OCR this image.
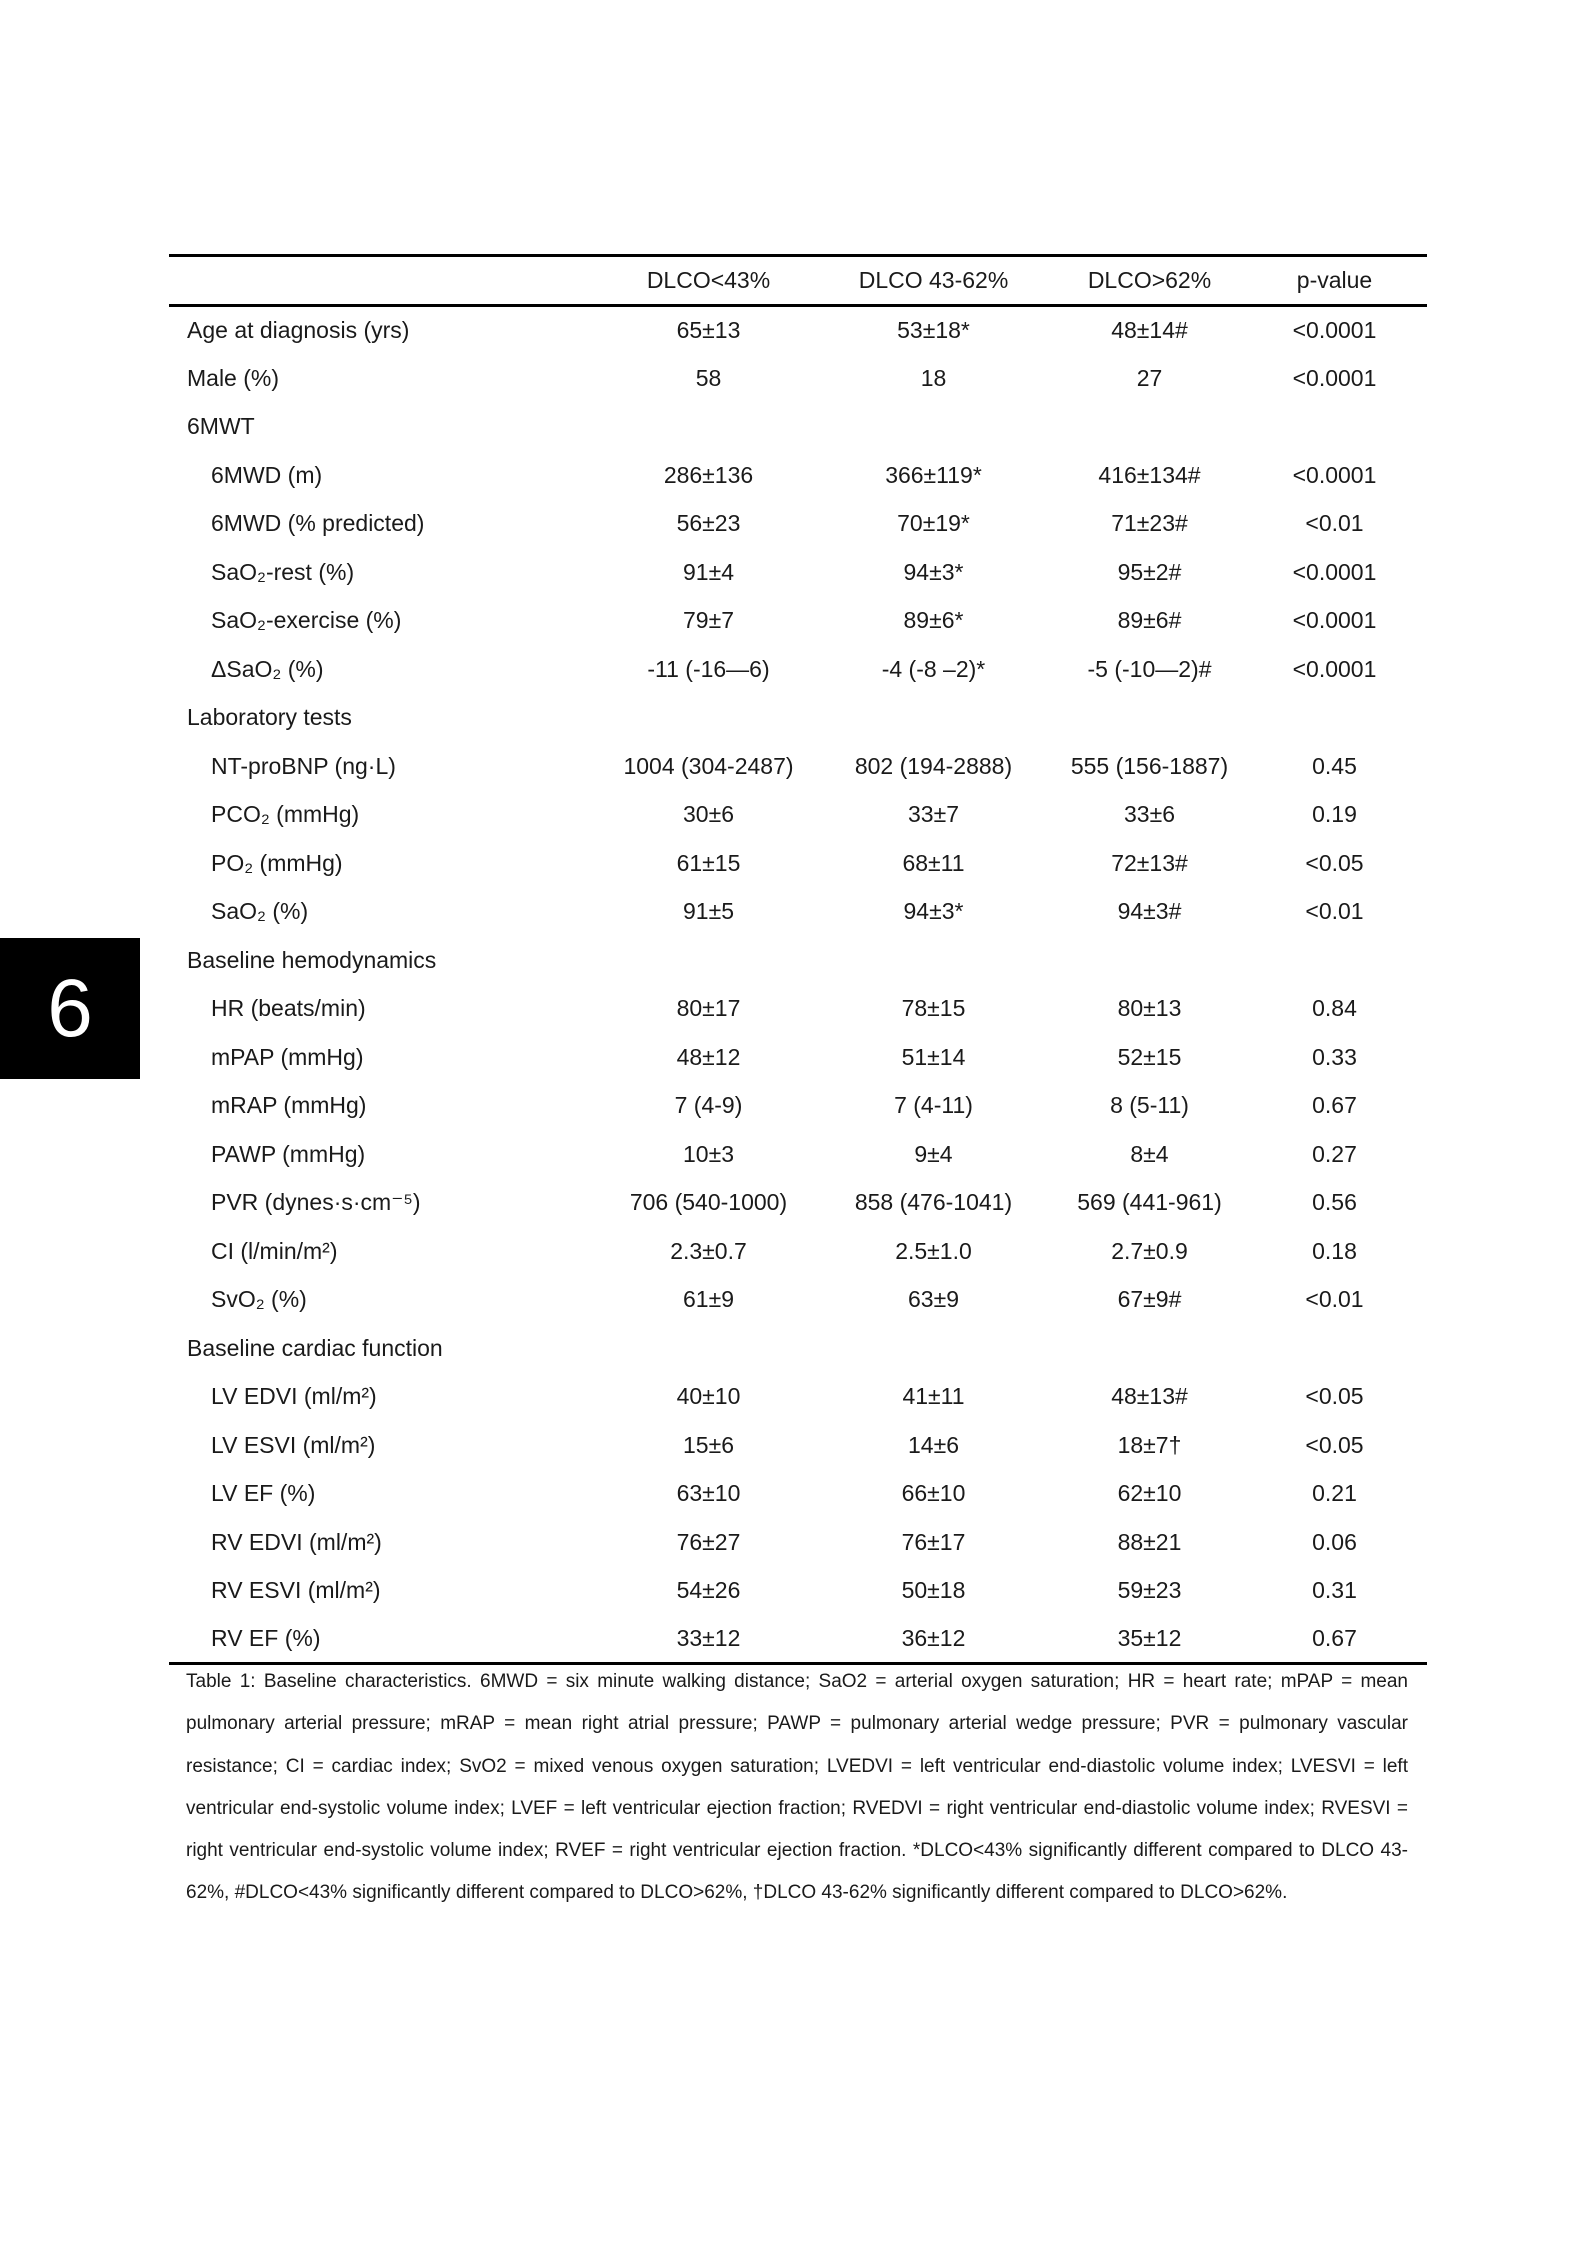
6
	DLCO<43%	DLCO 43-62%	DLCO>62%	p-value
Age at diagnosis (yrs)	65±13	53±18*	48±14#	<0.0001
Male (%)	58	18	27	<0.0001
6MWT				
6MWD (m)	286±136	366±119*	416±134#	<0.0001
6MWD (% predicted)	56±23	70±19*	71±23#	<0.01
SaO₂-rest (%)	91±4	94±3*	95±2#	<0.0001
SaO₂-exercise (%)	79±7	89±6*	89±6#	<0.0001
ΔSaO₂ (%)	-11 (-16—6)	-4 (-8 –2)*	-5 (-10—2)#	<0.0001
Laboratory tests				
NT-proBNP (ng·L)	1004 (304-2487)	802 (194-2888)	555 (156-1887)	0.45
PCO₂ (mmHg)	30±6	33±7	33±6	0.19
PO₂ (mmHg)	61±15	68±11	72±13#	<0.05
SaO₂ (%)	91±5	94±3*	94±3#	<0.01
Baseline hemodynamics				
HR (beats/min)	80±17	78±15	80±13	0.84
mPAP (mmHg)	48±12	51±14	52±15	0.33
mRAP (mmHg)	7 (4-9)	7 (4-11)	8 (5-11)	0.67
PAWP (mmHg)	10±3	9±4	8±4	0.27
PVR (dynes·s·cm⁻⁵)	706 (540-1000)	858 (476-1041)	569 (441-961)	0.56
CI (l/min/m²)	2.3±0.7	2.5±1.0	2.7±0.9	0.18
SvO₂ (%)	61±9	63±9	67±9#	<0.01
Baseline cardiac function				
LV EDVI (ml/m²)	40±10	41±11	48±13#	<0.05
LV ESVI (ml/m²)	15±6	14±6	18±7†	<0.05
LV EF (%)	63±10	66±10	62±10	0.21
RV EDVI (ml/m²)	76±27	76±17	88±21	0.06
RV ESVI (ml/m²)	54±26	50±18	59±23	0.31
RV EF (%)	33±12	36±12	35±12	0.67

Table 1: Baseline characteristics. 6MWD = six minute walking distance; SaO2 = arterial oxygen saturation; HR = heart rate; mPAP = mean pulmonary arterial pressure; mRAP = mean right atrial pressure; PAWP = pulmonary arterial wedge pressure; PVR = pulmonary vascular resistance; CI = cardiac index; SvO2 = mixed venous oxygen saturation; LVEDVI = left ventricular end-diastolic volume index; LVESVI = left ventricular end-systolic volume index; LVEF = left ventricular ejection fraction; RVEDVI = right ventricular end-diastolic volume index; RVESVI = right ventricular end-systolic volume index; RVEF = right ventricular ejection fraction. *DLCO<43% significantly different compared to DLCO 43-62%, #DLCO<43% significantly different compared to DLCO>62%, †DLCO 43-62% significantly different compared to DLCO>62%.
